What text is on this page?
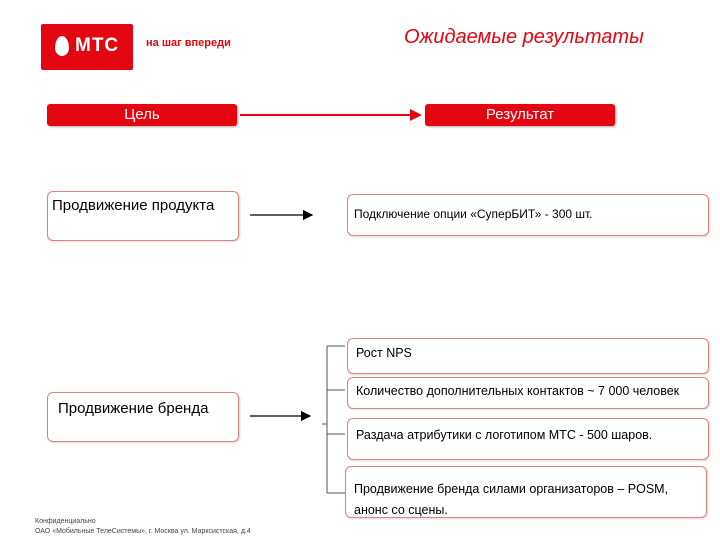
МТС на шаг впереди	Ожидаемые результаты
Цель	Результат
Продвижение продукта
Продвижение бренда
Подключение опции «СуперБИТ» - 300 шт.
Рост NPS
Количество дополнительных контактов ~ 7 000 человек
Раздача атрибутики с логотипом МТС - 500 шаров.
Продвижение бренда силами организаторов – POSM, анонс со сцены.
Конфиденциально
ОАО «Мобильные ТелеСистемы», г. Москва ул. Марксистская, д.4
